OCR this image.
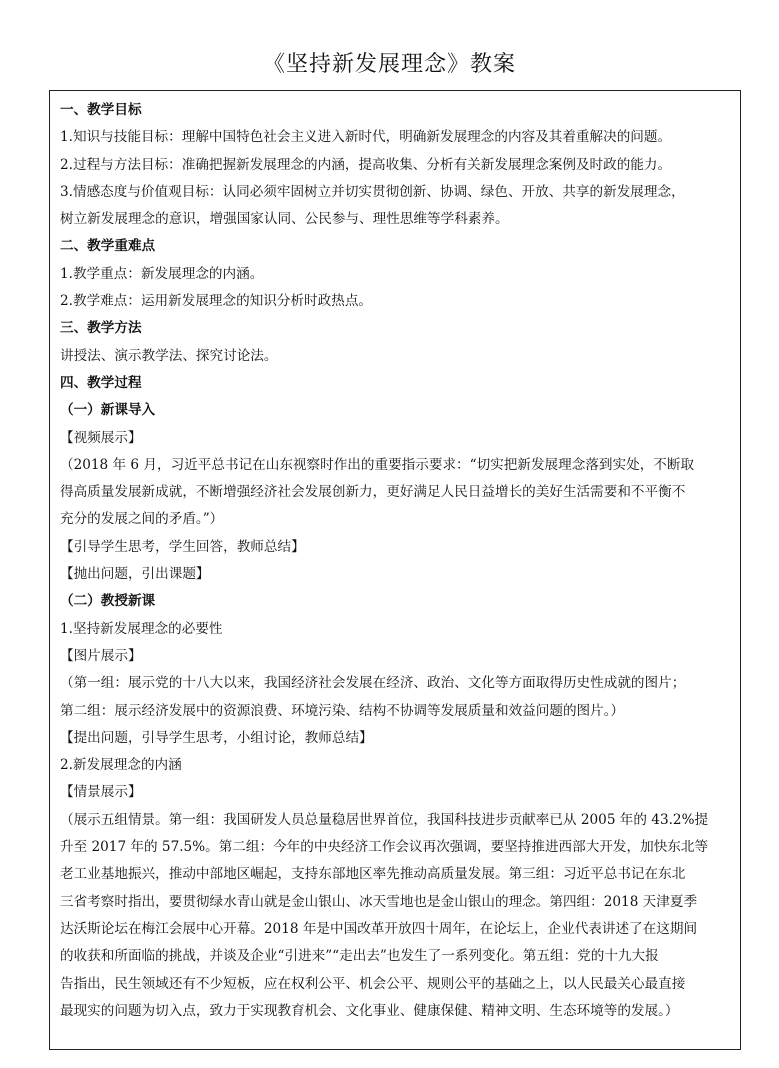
《坚持新发展理念》教案

一、教学目标

1.知识与技能目标：理解中国特色社会主义进入新时代，明确新发展理念的内容及其着重解决的问题。

2.过程与方法目标：准确把握新发展理念的内涵，提高收集、分析有关新发展理念案例及时政的能力。

3.情感态度与价值观目标：认同必须牢固树立并切实贯彻创新、协调、绿色、开放、共享的新发展理念，

树立新发展理念的意识，增强国家认同、公民参与、理性思维等学科素养。

二、教学重难点

1.教学重点：新发展理念的内涵。

2.教学难点：运用新发展理念的知识分析时政热点。

三、教学方法

讲授法、演示教学法、探究讨论法。

四、教学过程

（一）新课导入

【视频展示】

（2018 年 6 月，习近平总书记在山东视察时作出的重要指示要求：“切实把新发展理念落到实处，不断取

得高质量发展新成就，不断增强经济社会发展创新力，更好满足人民日益增长的美好生活需要和不平衡不

充分的发展之间的矛盾。”）

【引导学生思考，学生回答，教师总结】

【抛出问题，引出课题】

（二）教授新课

1.坚持新发展理念的必要性

【图片展示】

（第一组：展示党的十八大以来，我国经济社会发展在经济、政治、文化等方面取得历史性成就的图片；

第二组：展示经济发展中的资源浪费、环境污染、结构不协调等发展质量和效益问题的图片。）

【提出问题，引导学生思考，小组讨论，教师总结】

2.新发展理念的内涵

【情景展示】

（展示五组情景。第一组：我国研发人员总量稳居世界首位，我国科技进步贡献率已从 2005 年的 43.2%提

升至 2017 年的 57.5%。第二组：今年的中央经济工作会议再次强调，要坚持推进西部大开发，加快东北等

老工业基地振兴，推动中部地区崛起，支持东部地区率先推动高质量发展。第三组：习近平总书记在东北

三省考察时指出，要贯彻绿水青山就是金山银山、冰天雪地也是金山银山的理念。第四组：2018 天津夏季

达沃斯论坛在梅江会展中心开幕。2018 年是中国改革开放四十周年，在论坛上，企业代表讲述了在这期间

的收获和所面临的挑战，并谈及企业“引进来”“走出去”也发生了一系列变化。第五组：党的十九大报

告指出，民生领域还有不少短板，应在权利公平、机会公平、规则公平的基础之上，以人民最关心最直接

最现实的问题为切入点，致力于实现教育机会、文化事业、健康保健、精神文明、生态环境等的发展。）
